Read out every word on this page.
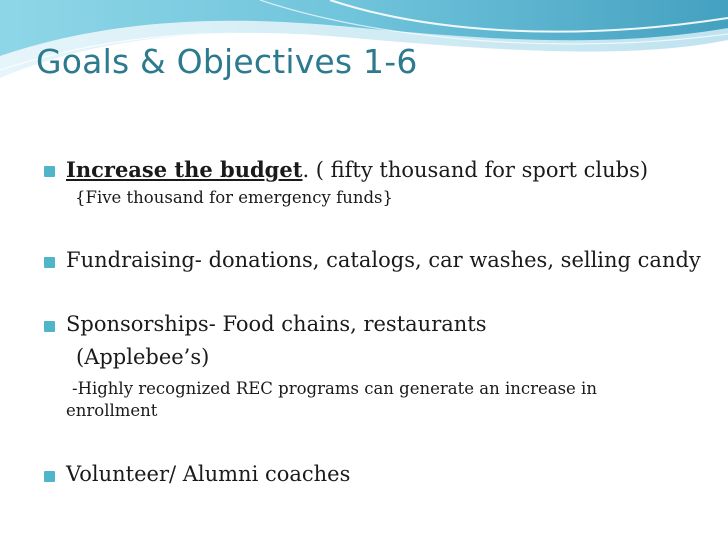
Goals & Objectives 1-6
Increase the budget. ( fifty thousand for sport clubs)
{Five thousand for emergency funds}
Fundraising- donations, catalogs, car washes, selling candy
Sponsorships- Food chains, restaurants
(Applebee’s)
-Highly recognized REC programs can generate an increase in
enrollment
Volunteer/ Alumni coaches
